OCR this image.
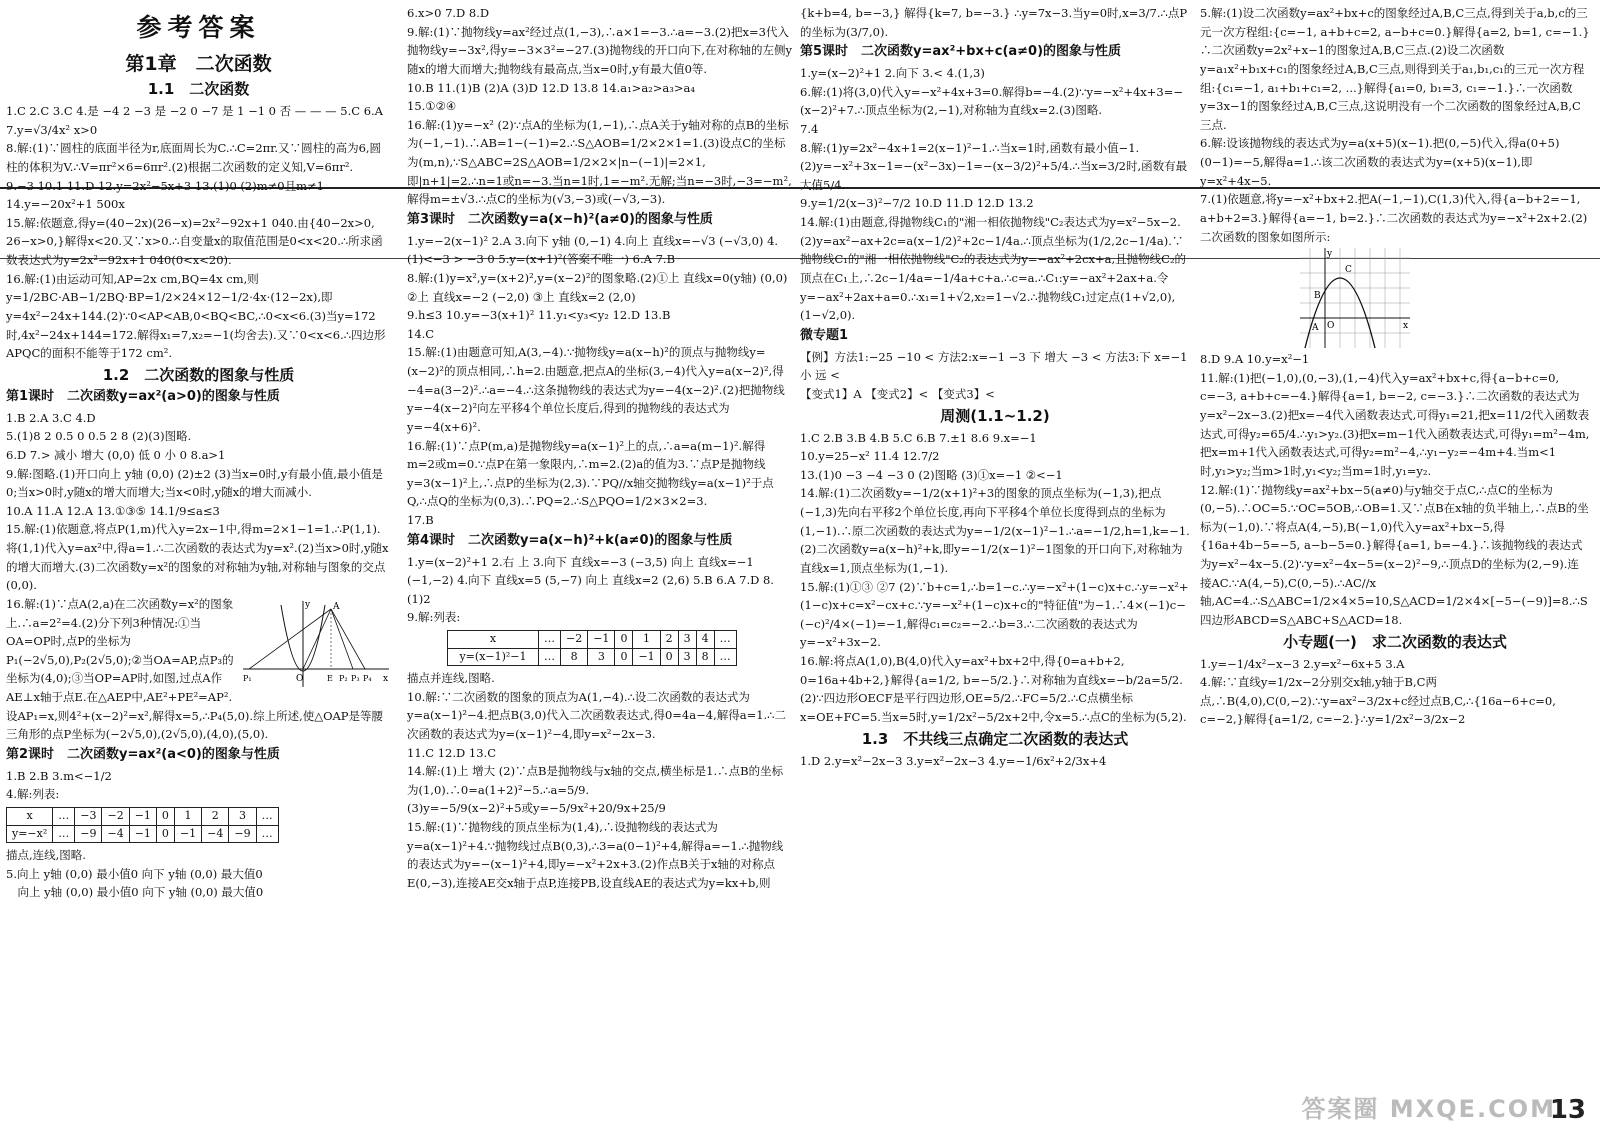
参考答案
第1章　二次函数
1.1　二次函数

1.C 2.C 3.C 4.是 −4 2 −3 是 −2 0 −7 是 1 −1 0 否 — — — 5.C 6.A 7.y=√3/4x² x>0

8.解:(1)∵圆柱的底面半径为r,底面周长为C.∴C=2πr.又∵圆柱的高为6,圆柱的体积为V.∴V=πr²×6=6πr².(2)根据二次函数的定义知,V=6πr².

9.−3 10.1 11.D 12.y=2x²−5x+3 13.(1)0 (2)m≠0且m≠1 14.y=−20x²+1 500x

15.解:依题意,得y=(40−2x)(26−x)=2x²−92x+1 040.由{40−2x>0, 26−x>0,}解得x<20.又∵x>0.∴自变量x的取值范围是0<x<20.∴所求函数表达式为y=2x²−92x+1 040(0<x<20).

16.解:(1)由运动可知,AP=2x cm,BQ=4x cm,则y=1/2BC·AB−1/2BQ·BP=1/2×24×12−1/2·4x·(12−2x),即y=4x²−24x+144.(2)∵0<AP<AB,0<BQ<BC,∴0<x<6.(3)当y=172时,4x²−24x+144=172.解得x₁=7,x₂=−1(均舍去).又∵0<x<6.∴四边形APQC的面积不能等于172 cm².

1.2　二次函数的图象与性质
第1课时　二次函数y=ax²(a>0)的图象与性质

1.B 2.A 3.C 4.D

5.(1)8 2 0.5 0 0.5 2 8 (2)(3)图略.

6.D 7.> 减小 增大 (0,0) 低 0 小 0 8.a>1

9.解:图略.(1)开口向上 y轴 (0,0) (2)±2 (3)当x=0时,y有最小值,最小值是0;当x>0时,y随x的增大而增大;当x<0时,y随x的增大而减小.

10.A 11.A 12.A 13.①③⑤ 14.1/9≤a≤3

15.解:(1)依题意,将点P(1,m)代入y=2x−1中,得m=2×1−1=1.∴P(1,1).将(1,1)代入y=ax²中,得a=1.∴二次函数的表达式为y=x².(2)当x>0时,y随x的增大而增大.(3)二次函数y=x²的图象的对称轴为y轴,对称轴与图象的交点(0,0).

y
x
O
A
E
P₁	P₂ P₃ P₄

16.解:(1)∵点A(2,a)在二次函数y=x²的图象上.∴a=2²=4.(2)分下列3种情况:①当OA=OP时,点P的坐标为P₁(−2√5,0),P₂(2√5,0);②当OA=AP,点P₃的坐标为(4,0);③当OP=AP时,如图,过点A作AE⊥x轴于点E.在△AEP中,AE²+PE²=AP².设AP₁=x,则4²+(x−2)²=x²,解得x=5,∴P₄(5,0).综上所述,使△OAP是等腰三角形的点P坐标为(−2√5,0),(2√5,0),(4,0),(5,0).

第2课时　二次函数y=ax²(a<0)的图象与性质

1.B 2.B 3.m<−1/2

4.解:列表:

x	…	−3	−2	−1	0	1	2	3	…
y=−x²	…	−9	−4	−1	0	−1	−4	−9	…

描点,连线,图略.

5.向上 y轴 (0,0) 最小值0 向下 y轴 (0,0) 最大值0

　向上 y轴 (0,0) 最小值0 向下 y轴 (0,0) 最大值0

6.x>0 7.D 8.D

9.解:(1)∵抛物线y=ax²经过点(1,−3),∴a×1=−3.∴a=−3.(2)把x=3代入抛物线y=−3x²,得y=−3×3²=−27.(3)抛物线的开口向下,在对称轴的左侧y随x的增大而增大;抛物线有最高点,当x=0时,y有最大值0等.

10.B 11.(1)B (2)A (3)D 12.D 13.8 14.a₁>a₂>a₃>a₄

15.①②④

16.解:(1)y=−x² (2)∵点A的坐标为(1,−1),∴点A关于y轴对称的点B的坐标为(−1,−1).∴AB=1−(−1)=2.∴S△AOB=1/2×2×1=1.(3)设点C的坐标为(m,n),∵S△ABC=2S△AOB=1/2×2×|n−(−1)|=2×1,即|n+1|=2.∴n=1或n=−3.当n=1时,1=−m².无解;当n=−3时,−3=−m²,解得m=±√3.∴点C的坐标为(√3,−3)或(−√3,−3).

第3课时　二次函数y=a(x−h)²(a≠0)的图象与性质

1.y=−2(x−1)² 2.A 3.向下 y轴 (0,−1) 4.向上 直线x=−√3 (−√3,0) 4.(1)<−3 > −3 0 5.y=(x+1)²(答案不唯一) 6.A 7.B

8.解:(1)y=x²,y=(x+2)²,y=(x−2)²的图象略.(2)①上 直线x=0(y轴) (0,0) ②上 直线x=−2 (−2,0) ③上 直线x=2 (2,0)

9.h≤3 10.y=−3(x+1)² 11.y₁<y₃<y₂ 12.D 13.B

14.C

15.解:(1)由题意可知,A(3,−4).∵抛物线y=a(x−h)²的顶点与抛物线y=(x−2)²的顶点相同,∴h=2.由题意,把点A的坐标(3,−4)代入y=a(x−2)²,得−4=a(3−2)².∴a=−4.∴这条抛物线的表达式为y=−4(x−2)².(2)把抛物线y=−4(x−2)²向左平移4个单位长度后,得到的抛物线的表达式为y=−4(x+6)².

16.解:(1)∵点P(m,a)是抛物线y=a(x−1)²上的点,∴a=a(m−1)².解得m=2或m=0.∵点P在第一象限内,∴m=2.(2)a的值为3.∵点P是抛物线y=3(x−1)²上,∴点P的坐标为(2,3).∵PQ//x轴交抛物线y=a(x−1)²于点Q,∴点Q的坐标为(0,3).∴PQ=2.∴S△PQO=1/2×3×2=3.

17.B

第4课时　二次函数y=a(x−h)²+k(a≠0)的图象与性质

1.y=(x−2)²+1 2.右 上 3.向下 直线x=−3 (−3,5) 向上 直线x=−1 (−1,−2) 4.向下 直线x=5 (5,−7) 向上 直线x=2 (2,6) 5.B 6.A 7.D 8.(1)2

9.解:列表:

x	…	−2	−1	0	1	2	3	4	…
y=(x−1)²−1	…	8	3	0	−1	0	3	8	…

描点并连线,图略.

10.解:∵二次函数的图象的顶点为A(1,−4).∴设二次函数的表达式为y=a(x−1)²−4.把点B(3,0)代入二次函数表达式,得0=4a−4,解得a=1.∴二次函数的表达式为y=(x−1)²−4,即y=x²−2x−3.

11.C 12.D 13.C

14.解:(1)上 增大 (2)∵点B是抛物线与x轴的交点,横坐标是1.∴点B的坐标为(1,0).∴0=a(1+2)²−5.∴a=5/9.

(3)y=−5/9(x−2)²+5或y=−5/9x²+20/9x+25/9

15.解:(1)∵抛物线的顶点坐标为(1,4),∴设抛物线的表达式为y=a(x−1)²+4.∵抛物线过点B(0,3),∴3=a(0−1)²+4,解得a=−1.∴抛物线的表达式为y=−(x−1)²+4,即y=−x²+2x+3.(2)作点B关于x轴的对称点E(0,−3),连接AE交x轴于点P,连接PB,设直线AE的表达式为y=kx+b,则

{k+b=4, b=−3,} 解得{k=7, b=−3.} ∴y=7x−3.当y=0时,x=3/7.∴点P的坐标为(3/7,0).

第5课时　二次函数y=ax²+bx+c(a≠0)的图象与性质

1.y=(x−2)²+1 2.向下 3.< 4.(1,3)

6.解:(1)将(3,0)代入y=−x²+4x+3=0.解得b=−4.(2)∵y=−x²+4x+3=−(x−2)²+7.∴顶点坐标为(2,−1),对称轴为直线x=2.(3)图略.

7.4

8.解:(1)y=2x²−4x+1=2(x−1)²−1.∴当x=1时,函数有最小值−1.(2)y=−x²+3x−1=−(x²−3x)−1=−(x−3/2)²+5/4.∴当x=3/2时,函数有最大值5/4.

9.y=1/2(x−3)²−7/2 10.D 11.D 12.D 13.2

14.解:(1)由题意,得抛物线C₁的"湘一相依抛物线"C₂表达式为y=x²−5x−2.(2)y=ax²−ax+2c=a(x−1/2)²+2c−1/4a.∴顶点坐标为(1/2,2c−1/4a).∵抛物线C₁的"湘一相依抛物线"C₂的表达式为y=−ax²+2cx+a,且抛物线C₂的顶点在C₁上,∴2c−1/4a=−1/4a+c+a.∴c=a.∴C₁:y=−ax²+2ax+a.令y=−ax²+2ax+a=0.∴x₁=1+√2,x₂=1−√2.∴抛物线C₁过定点(1+√2,0),(1−√2,0).

微专题1

【例】方法1:−25 −10 < 方法2:x=−1 −3 下 增大 −3 < 方法3:下 x=−1 小 远 <

【变式1】A 【变式2】< 【变式3】<

周测(1.1~1.2)

1.C 2.B 3.B 4.B 5.C 6.B 7.±1 8.6 9.x=−1

10.y=25−x² 11.4 12.7/2

13.(1)0 −3 −4 −3 0 (2)图略 (3)①x=−1 ②<−1

14.解:(1)二次函数y=−1/2(x+1)²+3的图象的顶点坐标为(−1,3),把点(−1,3)先向右平移2个单位长度,再向下平移4个单位长度得到点的坐标为(1,−1).∴原二次函数的表达式为y=−1/2(x−1)²−1.∴a=−1/2,h=1,k=−1.(2)二次函数y=a(x−h)²+k,即y=−1/2(x−1)²−1图象的开口向下,对称轴为直线x=1,顶点坐标为(1,−1).

15.解:(1)①③ ②7 (2)∵b+c=1,∴b=1−c.∴y=−x²+(1−c)x+c.∴y=−x²+(1−c)x+c=x²−cx+c.∵y=−x²+(1−c)x+c的"特征值"为−1.∴4×(−1)c−(−c)²/4×(−1)=−1,解得c₁=c₂=−2.∴b=3.∴二次函数的表达式为y=−x²+3x−2.

16.解:将点A(1,0),B(4,0)代入y=ax²+bx+2中,得{0=a+b+2, 0=16a+4b+2,}解得{a=1/2, b=−5/2.}∴对称轴为直线x=−b/2a=5/2.(2)∵四边形OECF是平行四边形,OE=5/2.∴FC=5/2.∴C点横坐标x=OE+FC=5.当x=5时,y=1/2x²−5/2x+2中,令x=5.∴点C的坐标为(5,2).

1.3　不共线三点确定二次函数的表达式

1.D 2.y=x²−2x−3 3.y=x²−2x−3 4.y=−1/6x²+2/3x+4

5.解:(1)设二次函数y=ax²+bx+c的图象经过A,B,C三点,得到关于a,b,c的三元一次方程组:{c=−1, a+b+c=2, a−b+c=0.}解得{a=2, b=1, c=−1.}∴二次函数y=2x²+x−1的图象过A,B,C三点.(2)设二次函数y=a₁x²+b₁x+c₁的图象经过A,B,C三点,则得到关于a₁,b₁,c₁的三元一次方程组:{c₁=−1, a₁+b₁+c₁=2, ...}解得{a₁=0, b₁=3, c₁=−1.}∴一次函数y=3x−1的图象经过A,B,C三点,这说明没有一个二次函数的图象经过A,B,C三点.

6.解:设该抛物线的表达式为y=a(x+5)(x−1).把(0,−5)代入,得a(0+5)(0−1)=−5,解得a=1.∴该二次函数的表达式为y=(x+5)(x−1),即y=x²+4x−5.

7.(1)依题意,将y=−x²+bx+2.把A(−1,−1),C(1,3)代入,得{a−b+2=−1, a+b+2=3.}解得{a=−1, b=2.}∴二次函数的表达式为y=−x²+2x+2.(2)二次函数的图象如图所示:

y
x
O
A
B
C

8.D 9.A 10.y=x²−1

11.解:(1)把(−1,0),(0,−3),(1,−4)代入y=ax²+bx+c,得{a−b+c=0, c=−3, a+b+c=−4.}解得{a=1, b=−2, c=−3.}∴二次函数的表达式为y=x²−2x−3.(2)把x=−4代入函数表达式,可得y₁=21,把x=11/2代入函数表达式,可得y₂=65/4.∴y₁>y₂.(3)把x=m−1代入函数表达式,可得y₁=m²−4m,把x=m+1代入函数表达式,可得y₂=m²−4,∴y₁−y₂=−4m+4.当m<1时,y₁>y₂;当m>1时,y₁<y₂;当m=1时,y₁=y₂.

12.解:(1)∵抛物线y=ax²+bx−5(a≠0)与y轴交于点C,∴点C的坐标为(0,−5).∴OC=5.∵OC=5OB,∴OB=1.又∵点B在x轴的负半轴上,∴点B的坐标为(−1,0).∵将点A(4,−5),B(−1,0)代入y=ax²+bx−5,得{16a+4b−5=−5, a−b−5=0.}解得{a=1, b=−4.}∴该抛物线的表达式为y=x²−4x−5.(2)∵y=x²−4x−5=(x−2)²−9,∴顶点D的坐标为(2,−9).连接AC.∵A(4,−5),C(0,−5).∴AC//x轴,AC=4.∴S△ABC=1/2×4×5=10,S△ACD=1/2×4×[−5−(−9)]=8.∴S四边形ABCD=S△ABC+S△ACD=18.

小专题(一)　求二次函数的表达式

1.y=−1/4x²−x−3 2.y=x²−6x+5 3.A

4.解:∵直线y=1/2x−2分别交x轴,y轴于B,C两点,∴B(4,0),C(0,−2).∵y=ax²−3/2x+c经过点B,C,∴{16a−6+c=0, c=−2,}解得{a=1/2, c=−2.}∴y=1/2x²−3/2x−2

答案圈 MXQE.COM
13
